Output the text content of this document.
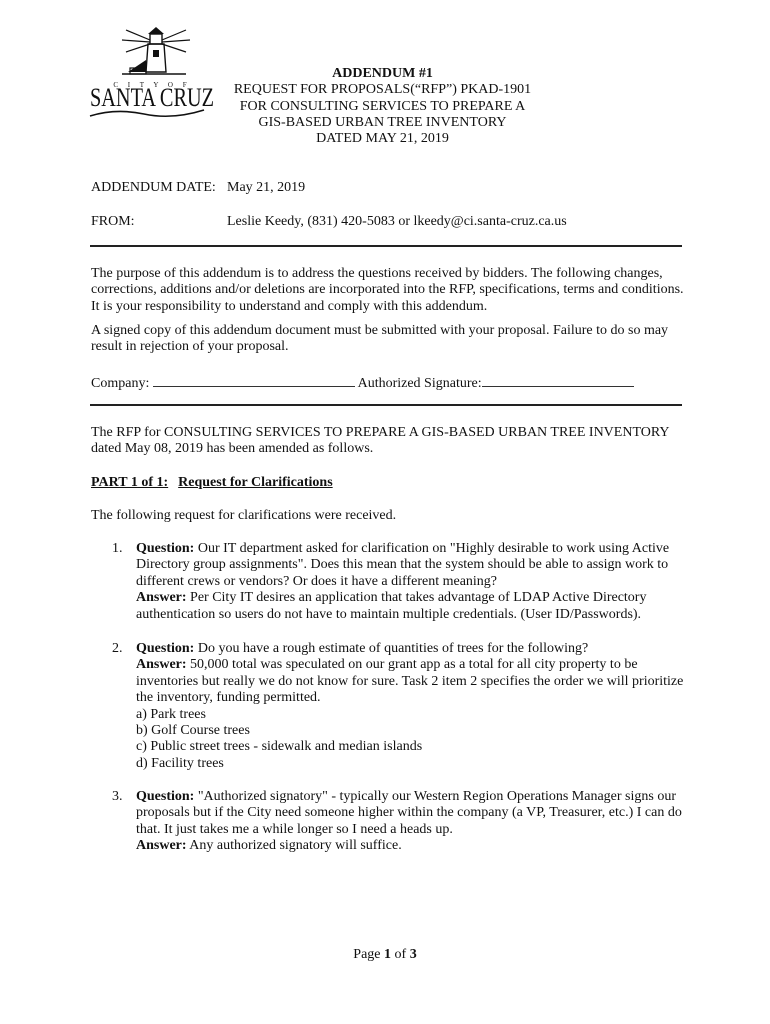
C I T Y O F
SANTA CRUZ
ADDENDUM #1
REQUEST FOR PROPOSALS(“RFP”) PKAD-1901
FOR CONSULTING SERVICES TO PREPARE A
GIS-BASED URBAN TREE INVENTORY
DATED MAY 21, 2019
ADDENDUM DATE: May 21, 2019
FROM:	Leslie Keedy, (831) 420-5083 or lkeedy@ci.santa-cruz.ca.us
The purpose of this addendum is to address the questions received by bidders. The following changes,
corrections, additions and/or deletions are incorporated into the RFP, specifications, terms and conditions.
It is your responsibility to understand and comply with this addendum.
A signed copy of this addendum document must be submitted with your proposal. Failure to do so may
result in rejection of your proposal.
Company:	Authorized Signature:
The RFP for CONSULTING SERVICES TO PREPARE A GIS-BASED URBAN TREE INVENTORY
dated May 08, 2019 has been amended as follows.
PART 1 of 1: Request for Clarifications
The following request for clarifications were received.
1. Question: Our IT department asked for clarification on "Highly desirable to work using Active
Directory group assignments". Does this mean that the system should be able to assign work to
different crews or vendors? Or does it have a different meaning?
Answer: Per City IT desires an application that takes advantage of LDAP Active Directory
authentication so users do not have to maintain multiple credentials. (User ID/Passwords).
2. Question: Do you have a rough estimate of quantities of trees for the following?
Answer: 50,000 total was speculated on our grant app as a total for all city property to be
inventories but really we do not know for sure. Task 2 item 2 specifies the order we will prioritize
the inventory, funding permitted.
a) Park trees
b) Golf Course trees
c) Public street trees - sidewalk and median islands
d) Facility trees
3. Question: "Authorized signatory" - typically our Western Region Operations Manager signs our
proposals but if the City need someone higher within the company (a VP, Treasurer, etc.) I can do
that. It just takes me a while longer so I need a heads up.
Answer: Any authorized signatory will suffice.
Page 1 of 3
